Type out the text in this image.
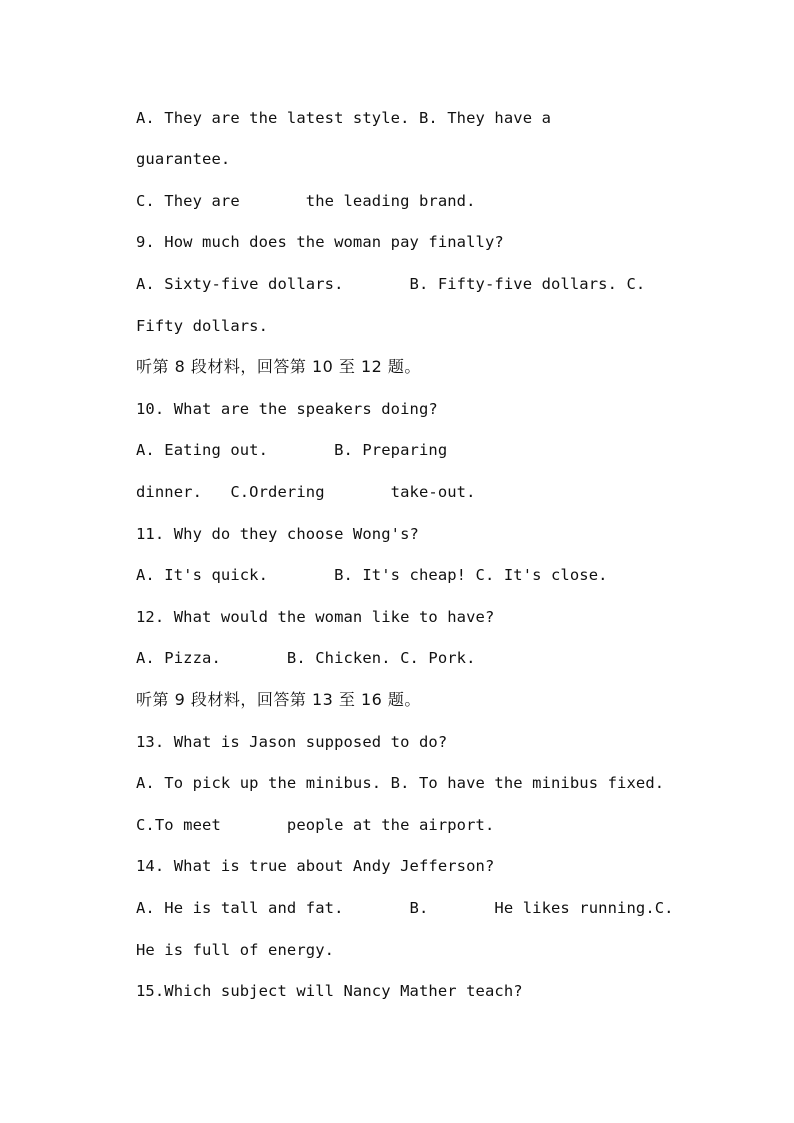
A. They are the latest style. B. They have a
guarantee.
C. They are       the leading brand.
9. How much does the woman pay finally?
A. Sixty-five dollars.       B. Fifty-five dollars. C.
Fifty dollars.
听第 8 段材料，回答第 10 至 12 题。
10. What are the speakers doing?
A. Eating out.       B. Preparing
dinner.   C.Ordering       take-out.
11. Why do they choose Wong's?
A. It's quick.       B. It's cheap! C. It's close.
12. What would the woman like to have?
A. Pizza.       B. Chicken. C. Pork.
听第 9 段材料，回答第 13 至 16 题。
13. What is Jason supposed to do?
A. To pick up the minibus. B. To have the minibus fixed.
C.To meet       people at the airport.
14. What is true about Andy Jefferson?
A. He is tall and fat.       B.       He likes running.C.
He is full of energy.
15.Which subject will Nancy Mather teach?
